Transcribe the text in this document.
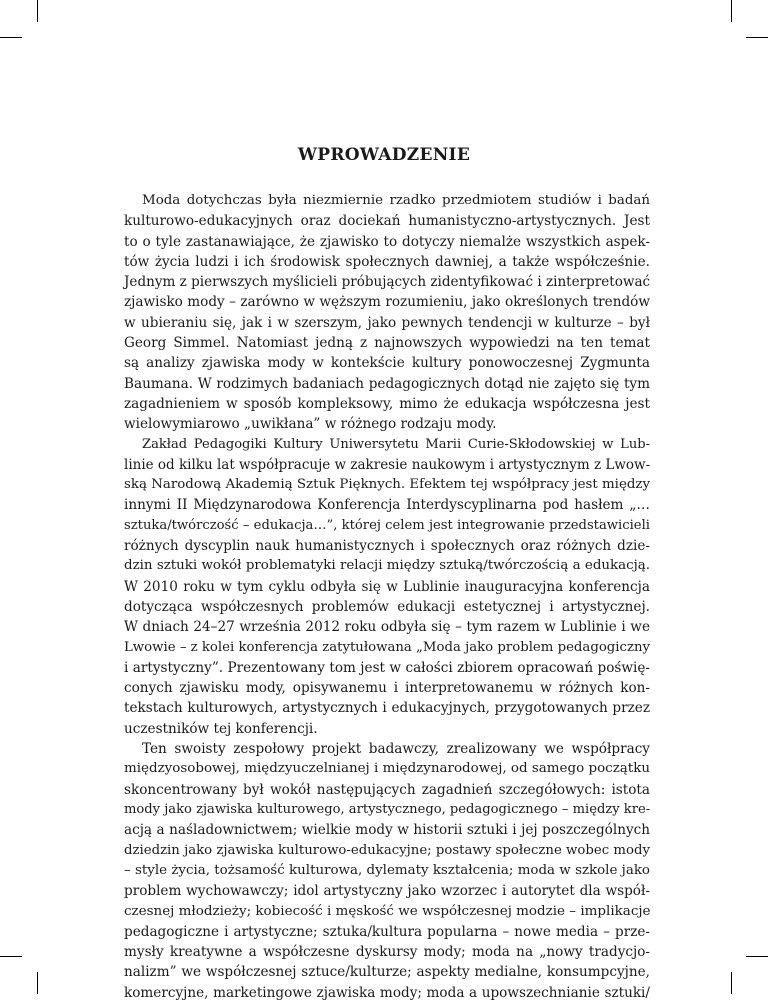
WPROWADZENIE

Moda dotychczas była niezmiernie rzadko przedmiotem studiów i badań
kulturowo-edukacyjnych oraz dociekań humanistyczno-artystycznych. Jest
to o tyle zastanawiające, że zjawisko to dotyczy niemalże wszystkich aspek-
tów życia ludzi i ich środowisk społecznych dawniej, a także współcześnie.
Jednym z pierwszych myślicieli próbujących zidentyfikować i zinterpretować
zjawisko mody – zarówno w węższym rozumieniu, jako określonych trendów
w ubieraniu się, jak i w szerszym, jako pewnych tendencji w kulturze – był
Georg Simmel. Natomiast jedną z najnowszych wypowiedzi na ten temat
są analizy zjawiska mody w kontekście kultury ponowoczesnej Zygmunta
Baumana. W rodzimych badaniach pedagogicznych dotąd nie zajęto się tym
zagadnieniem w sposób kompleksowy, mimo że edukacja współczesna jest
wielowymiarowo „uwikłana” w różnego rodzaju mody.

Zakład Pedagogiki Kultury Uniwersytetu Marii Curie-Skłodowskiej w Lub-
linie od kilku lat współpracuje w zakresie naukowym i artystycznym z Lwow-
ską Narodową Akademią Sztuk Pięknych. Efektem tej współpracy jest między
innymi II Międzynarodowa Konferencja Interdyscyplinarna pod hasłem „…
sztuka/twórczość – edukacja…”, której celem jest integrowanie przedstawicieli
różnych dyscyplin nauk humanistycznych i społecznych oraz różnych dzie-
dzin sztuki wokół problematyki relacji między sztuką/twórczością a edukacją.
W 2010 roku w tym cyklu odbyła się w Lublinie inauguracyjna konferencja
dotycząca współczesnych problemów edukacji estetycznej i artystycznej.
W dniach 24–27 września 2012 roku odbyła się – tym razem w Lublinie i we
Lwowie – z kolei konferencja zatytułowana „Moda jako problem pedagogiczny
i artystyczny”. Prezentowany tom jest w całości zbiorem opracowań poświę-
conych zjawisku mody, opisywanemu i interpretowanemu w różnych kon-
tekstach kulturowych, artystycznych i edukacyjnych, przygotowanych przez
uczestników tej konferencji.

Ten swoisty zespołowy projekt badawczy, zrealizowany we współpracy
międzyosobowej, międzyuczelnianej i międzynarodowej, od samego początku
skoncentrowany był wokół następujących zagadnień szczegółowych: istota
mody jako zjawiska kulturowego, artystycznego, pedagogicznego – między kre-
acją a naśladownictwem; wielkie mody w historii sztuki i jej poszczególnych
dziedzin jako zjawiska kulturowo-edukacyjne; postawy społeczne wobec mody
– style życia, tożsamość kulturowa, dylematy kształcenia; moda w szkole jako
problem wychowawczy; idol artystyczny jako wzorzec i autorytet dla współ-
czesnej młodzieży; kobiecość i męskość we współczesnej modzie – implikacje
pedagogiczne i artystyczne; sztuka/kultura popularna – nowe media – prze-
mysły kreatywne a współczesne dyskursy mody; moda na „nowy tradycjo-
nalizm” we współczesnej sztuce/kulturze; aspekty medialne, konsumpcyjne,
komercyjne, marketingowe zjawiska mody; moda a upowszechnianie sztuki/
